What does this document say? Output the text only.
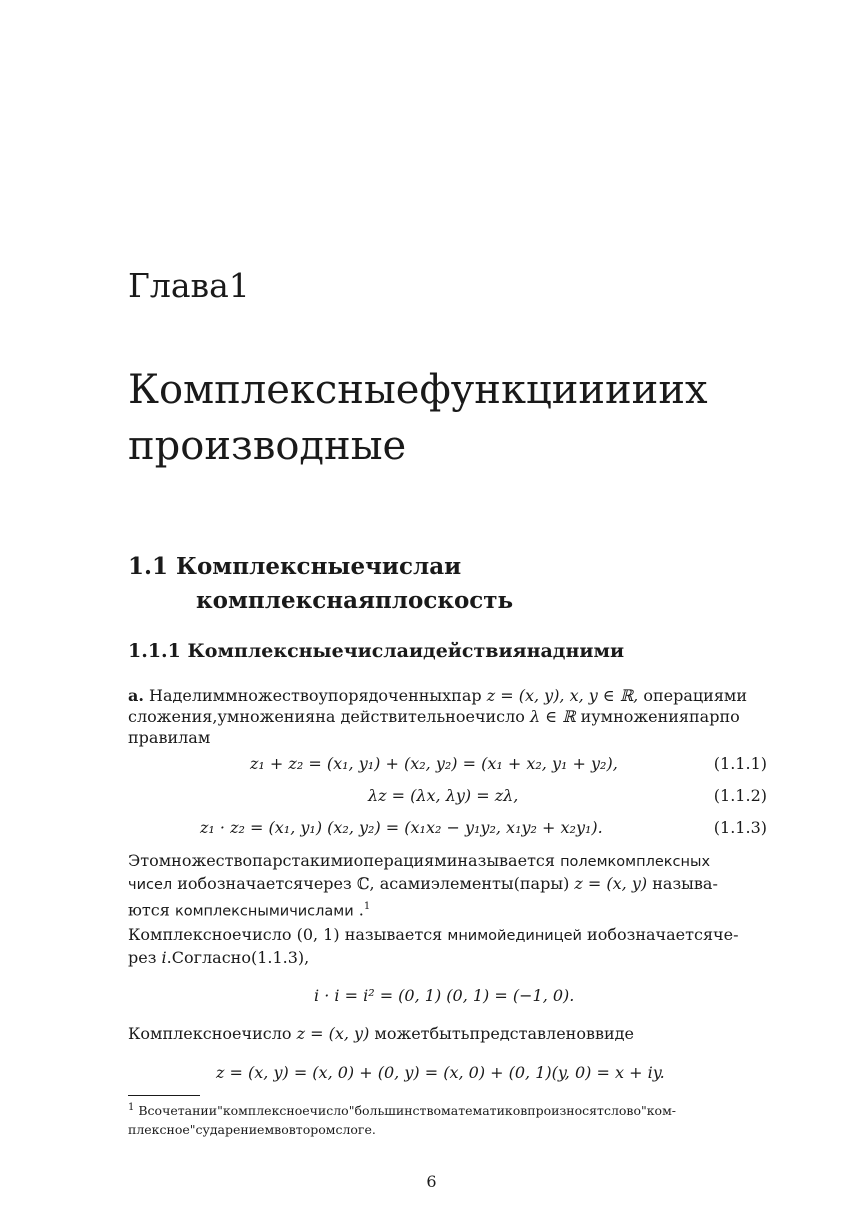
Глава1
Комплексныефункцииииих
производные
1.1 Комплексныечислаи
комплекснаяплоскость
1.1.1 Комплексныечислаидействиянадними
а. Наделиммножествоупорядоченныхпар z = (x, y), x, y ∈ ℝ, операциями
сложения,умноженияна действительноечисло λ ∈ ℝ иумноженияпарпо
правилам
z₁ + z₂ = (x₁, y₁) + (x₂, y₂) = (x₁ + x₂, y₁ + y₂),	(1.1.1)
λz = (λx, λy) = zλ,	(1.1.2)
z₁ · z₂ = (x₁, y₁) (x₂, y₂) = (x₁x₂ − y₁y₂, x₁y₂ + x₂y₁).	(1.1.3)
Этомножествопарстакимиоперацияминазывается полемкомплексных
чисел иобозначаетсячерез ℂ, асамиэлементы(пары) z = (x, y) называ-
ются комплекснымичислами .$^1$
Комплексноечисло (0, 1) называется мнимойединицей иобозначаетсяче-
рез i.Согласно(1.1.3),
i · i = i² = (0, 1) (0, 1) = (−1, 0).
Комплексноечисло z = (x, y) можетбытьпредставленоввиде
z = (x, y) = (x, 0) + (0, y) = (x, 0) + (0, 1)(y, 0) = x + iy.
$^1$ Всочетании"комплексноечисло"большинствоматематиковпроизносятслово"ком-плексное"сударениемвовторомслоге.
6
